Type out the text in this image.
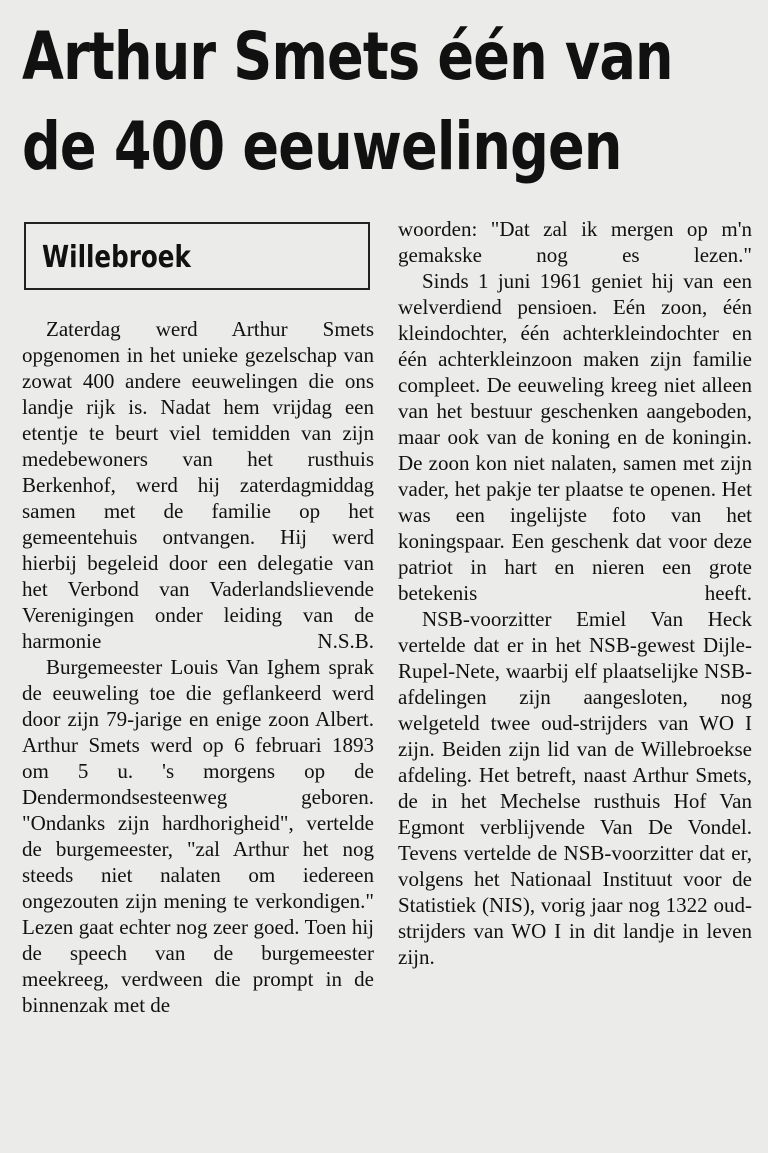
Arthur Smets één van
de 400 eeuwelingen
Willebroek

Zaterdag werd Arthur Smets opgenomen in het unieke gezelschap van zowat 400 andere eeuwelingen die ons landje rijk is. Nadat hem vrijdag een etentje te beurt viel temidden van zijn medebewoners van het rusthuis Berkenhof, werd hij zaterdagmiddag samen met de familie op het gemeentehuis ontvangen. Hij werd hierbij begeleid door een delegatie van het Verbond van Vaderlandslievende Verenigingen onder leiding van de harmonie N.S.B.

Burgemeester Louis Van Ighem sprak de eeuweling toe die geflankeerd werd door zijn 79-jarige en enige zoon Albert. Arthur Smets werd op 6 februari 1893 om 5 u. 's morgens op de Dendermondsesteenweg geboren. "Ondanks zijn hardhorigheid", vertelde de burgemeester, "zal Arthur het nog steeds niet nalaten om iedereen ongezouten zijn mening te verkondigen." Lezen gaat echter nog zeer goed. Toen hij de speech van de burgemeester meekreeg, verdween die prompt in de binnenzak met de

woorden: "Dat zal ik mergen op m'n gemakske nog es lezen."

Sinds 1 juni 1961 geniet hij van een welverdiend pensioen. Eén zoon, één kleindochter, één achterkleindochter en één achterkleinzoon maken zijn familie compleet. De eeuweling kreeg niet alleen van het bestuur geschenken aangeboden, maar ook van de koning en de koningin. De zoon kon niet nalaten, samen met zijn vader, het pakje ter plaatse te openen. Het was een ingelijste foto van het koningspaar. Een geschenk dat voor deze patriot in hart en nieren een grote betekenis heeft.

NSB-voorzitter Emiel Van Heck vertelde dat er in het NSB-gewest Dijle-Rupel-Nete, waarbij elf plaatselijke NSB-afdelingen zijn aangesloten, nog welgeteld twee oud-strijders van WO I zijn. Beiden zijn lid van de Willebroekse afdeling. Het betreft, naast Arthur Smets, de in het Mechelse rusthuis Hof Van Egmont verblijvende Van De Vondel. Tevens vertelde de NSB-voorzitter dat er, volgens het Nationaal Instituut voor de Statistiek (NIS), vorig jaar nog 1322 oud-strijders van WO I in dit landje in leven zijn.
